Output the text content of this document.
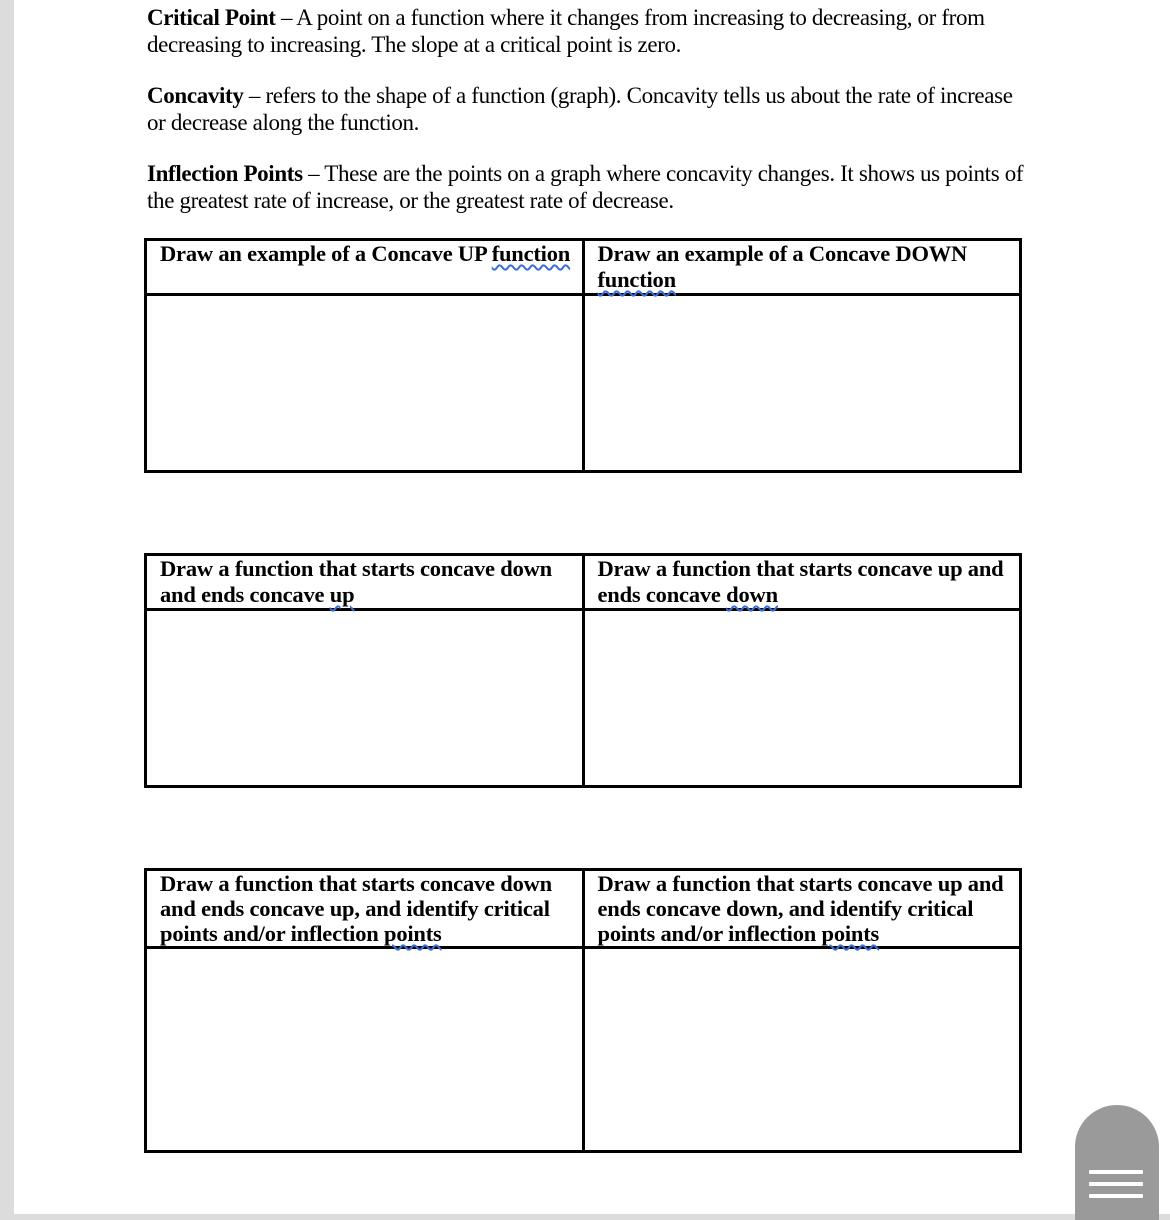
Critical Point – A point on a function where it changes from increasing to decreasing, or from decreasing to increasing. The slope at a critical point is zero.

Concavity – refers to the shape of a function (graph). Concavity tells us about the rate of increase or decrease along the function.

Inflection Points – These are the points on a graph where concavity changes. It shows us points of the greatest rate of increase, or the greatest rate of decrease.

Draw an example of a Concave UP function	Draw an example of a Concave DOWN function

Draw a function that starts concave down and ends concave up	Draw a function that starts concave up and ends concave down

Draw a function that starts concave down and ends concave up, and identify critical points and/or inflection points	Draw a function that starts concave up and ends concave down, and identify critical points and/or inflection points
